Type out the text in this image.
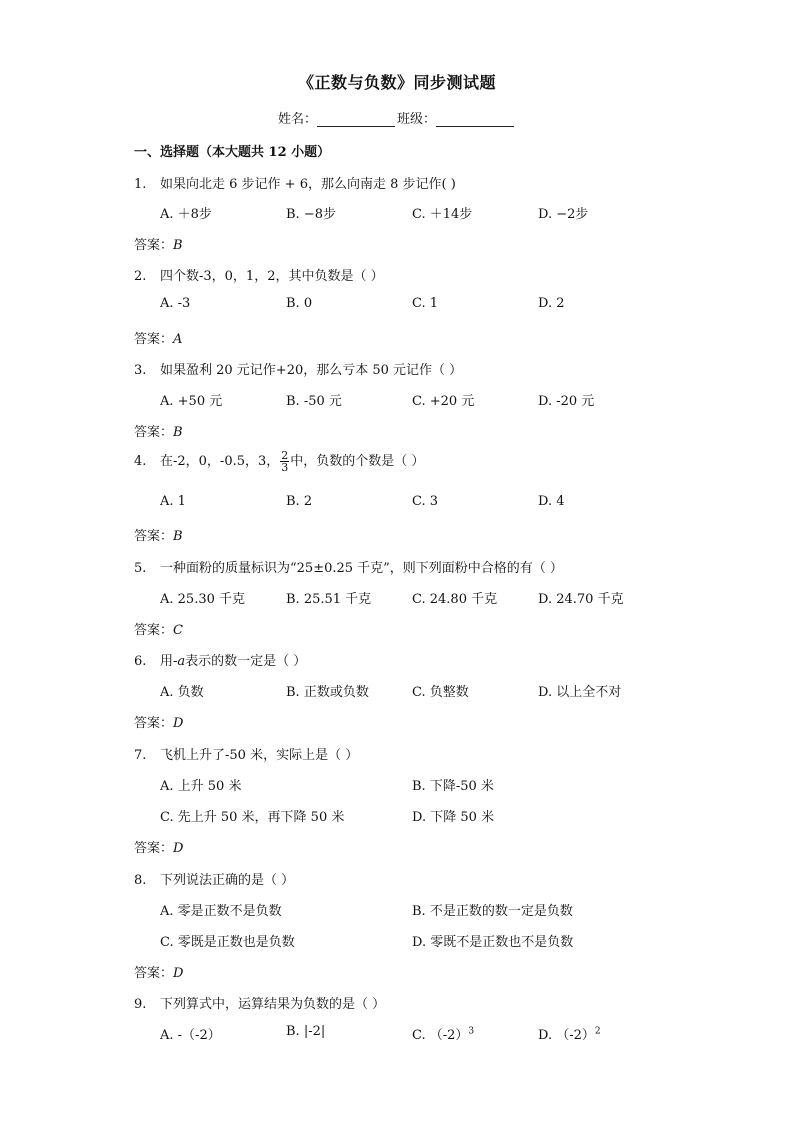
《正数与负数》同步测试题
姓名：	班级：
一、选择题（本大题共 12 小题）
1. 如果向北走 6 步记作 + 6，那么向南走 8 步记作( )
A. ＋8步	B. −8步	C. ＋14步	D. −2步
答案：B
2. 四个数-3，0，1，2，其中负数是（ ）
A. -3	B. 0	C. 1	D. 2
答案：A
3. 如果盈利 20 元记作+20，那么亏本 50 元记作（ ）
A. +50 元	B. -50 元	C. +20 元	D. -20 元
答案：B
4. 在-2，0，-0.5，3， $\frac{2}{3}$ 中，负数的个数是（ ）
A. 1	B. 2	C. 3	D. 4
答案：B
5. 一种面粉的质量标识为“25±0.25 千克”，则下列面粉中合格的有（ ）
A. 25.30 千克	B. 25.51 千克	C. 24.80 千克	D. 24.70 千克
答案：C
6. 用-a表示的数一定是（ ）
A. 负数	B. 正数或负数	C. 负整数	D. 以上全不对
答案：D
7. 飞机上升了-50 米，实际上是（ ）
A. 上升 50 米	B. 下降-50 米
C. 先上升 50 米，再下降 50 米	D. 下降 50 米
答案：D
8. 下列说法正确的是（ ）
A. 零是正数不是负数	B. 不是正数的数一定是负数
C. 零既是正数也是负数	D. 零既不是正数也不是负数
答案：D
9. 下列算式中，运算结果为负数的是（ ）
A. -（-2）	B. |-2|	C. $(-2)^3$	D. $(-2)^2$
